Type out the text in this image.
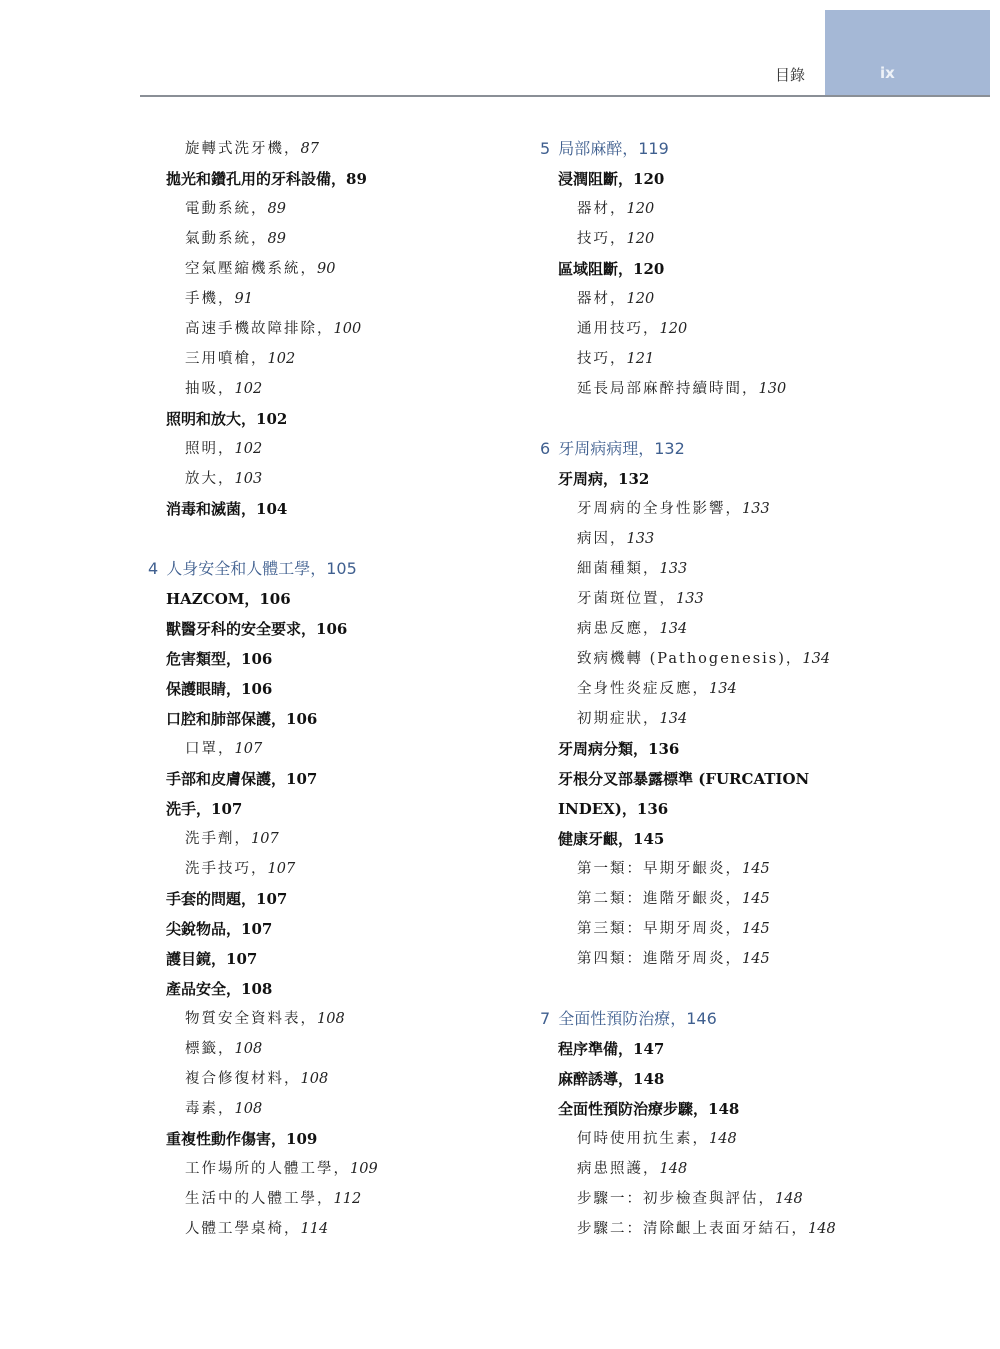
目錄	ix
旋轉式洗牙機，87
拋光和鑽孔用的牙科設備，89
電動系統，89
氣動系統，89
空氣壓縮機系統，90
手機，91
高速手機故障排除，100
三用噴槍，102
抽吸，102
照明和放大，102
照明，102
放大，103
消毒和滅菌，104
4 人身安全和人體工學，105
HAZCOM，106
獸醫牙科的安全要求，106
危害類型，106
保護眼睛，106
口腔和肺部保護，106
口罩，107
手部和皮膚保護，107
洗手，107
洗手劑，107
洗手技巧，107
手套的問題，107
尖銳物品，107
護目鏡，107
產品安全，108
物質安全資料表，108
標籤，108
複合修復材料，108
毒素，108
重複性動作傷害，109
工作場所的人體工學，109
生活中的人體工學，112
人體工學桌椅，114
5 局部麻醉，119
浸潤阻斷，120
器材，120
技巧，120
區域阻斷，120
器材，120
通用技巧，120
技巧，121
延長局部麻醉持續時間，130
6 牙周病病理，132
牙周病，132
牙周病的全身性影響，133
病因，133
細菌種類，133
牙菌斑位置，133
病患反應，134
致病機轉 (Pathogenesis)，134
全身性炎症反應，134
初期症狀，134
牙周病分類，136
牙根分叉部暴露標準 (FURCATION
INDEX)，136
健康牙齦，145
第一類：早期牙齦炎，145
第二類：進階牙齦炎，145
第三類：早期牙周炎，145
第四類：進階牙周炎，145
7 全面性預防治療，146
程序準備，147
麻醉誘導，148
全面性預防治療步驟，148
何時使用抗生素，148
病患照護，148
步驟一：初步檢查與評估，148
步驟二：清除齦上表面牙結石，148
